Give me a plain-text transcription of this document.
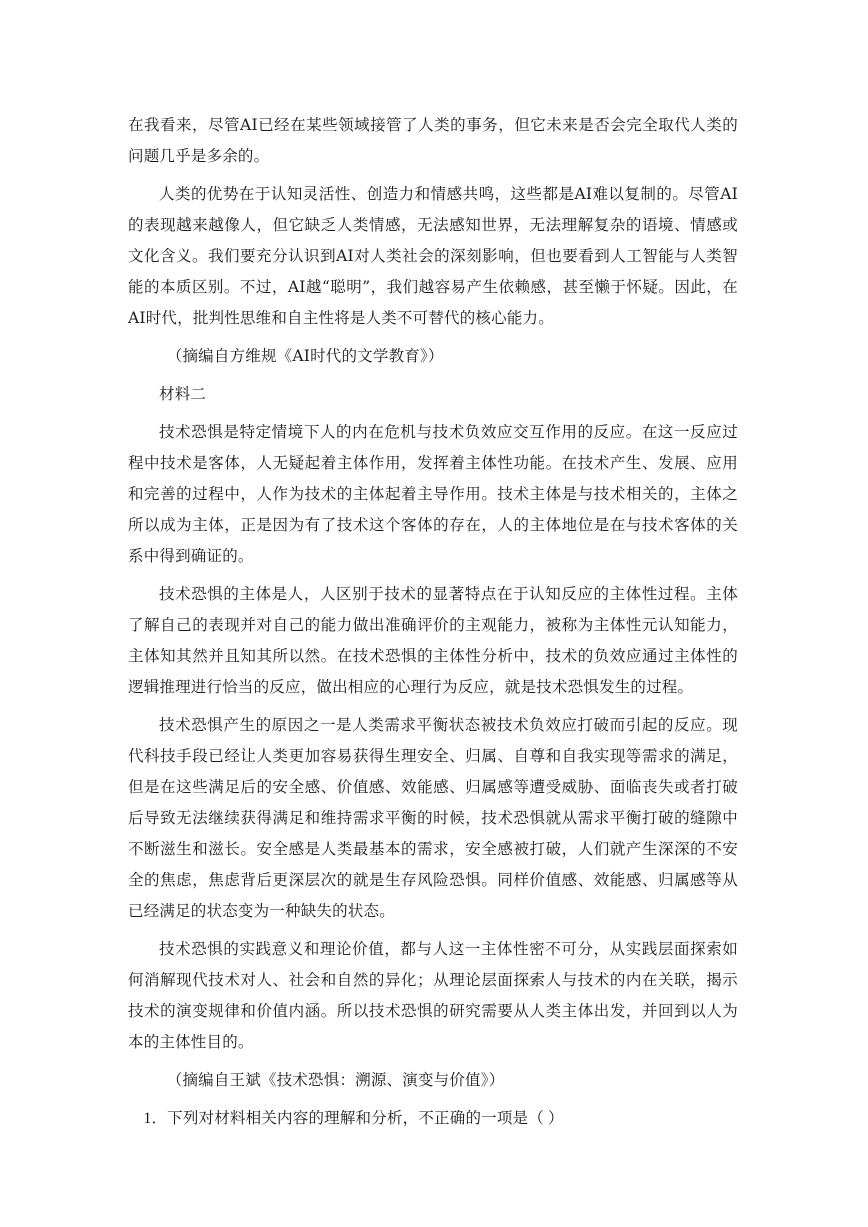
在我看来，尽管AI已经在某些领域接管了人类的事务，但它未来是否会完全取代人类的问题几乎是多余的。

人类的优势在于认知灵活性、创造力和情感共鸣，这些都是AI难以复制的。尽管AI的表现越来越像人，但它缺乏人类情感，无法感知世界，无法理解复杂的语境、情感或文化含义。我们要充分认识到AI对人类社会的深刻影响，但也要看到人工智能与人类智能的本质区别。不过，AI越“聪明”，我们越容易产生依赖感，甚至懒于怀疑。因此，在AI时代，批判性思维和自主性将是人类不可替代的核心能力。

（摘编自方维规《AI时代的文学教育》）

材料二

技术恐惧是特定情境下人的内在危机与技术负效应交互作用的反应。在这一反应过程中技术是客体，人无疑起着主体作用，发挥着主体性功能。在技术产生、发展、应用和完善的过程中，人作为技术的主体起着主导作用。技术主体是与技术相关的，主体之所以成为主体，正是因为有了技术这个客体的存在，人的主体地位是在与技术客体的关系中得到确证的。

技术恐惧的主体是人，人区别于技术的显著特点在于认知反应的主体性过程。主体了解自己的表现并对自己的能力做出准确评价的主观能力，被称为主体性元认知能力，主体知其然并且知其所以然。在技术恐惧的主体性分析中，技术的负效应通过主体性的逻辑推理进行恰当的反应，做出相应的心理行为反应，就是技术恐惧发生的过程。

技术恐惧产生的原因之一是人类需求平衡状态被技术负效应打破而引起的反应。现代科技手段已经让人类更加容易获得生理安全、归属、自尊和自我实现等需求的满足，但是在这些满足后的安全感、价值感、效能感、归属感等遭受威胁、面临丧失或者打破后导致无法继续获得满足和维持需求平衡的时候，技术恐惧就从需求平衡打破的缝隙中不断滋生和滋长。安全感是人类最基本的需求，安全感被打破，人们就产生深深的不安全的焦虑，焦虑背后更深层次的就是生存风险恐惧。同样价值感、效能感、归属感等从已经满足的状态变为一种缺失的状态。

技术恐惧的实践意义和理论价值，都与人这一主体性密不可分，从实践层面探索如何消解现代技术对人、社会和自然的异化；从理论层面探索人与技术的内在关联，揭示技术的演变规律和价值内涵。所以技术恐惧的研究需要从人类主体出发，并回到以人为本的主体性目的。

（摘编自王斌《技术恐惧：溯源、演变与价值》）

1．下列对材料相关内容的理解和分析，不正确的一项是（ ）
